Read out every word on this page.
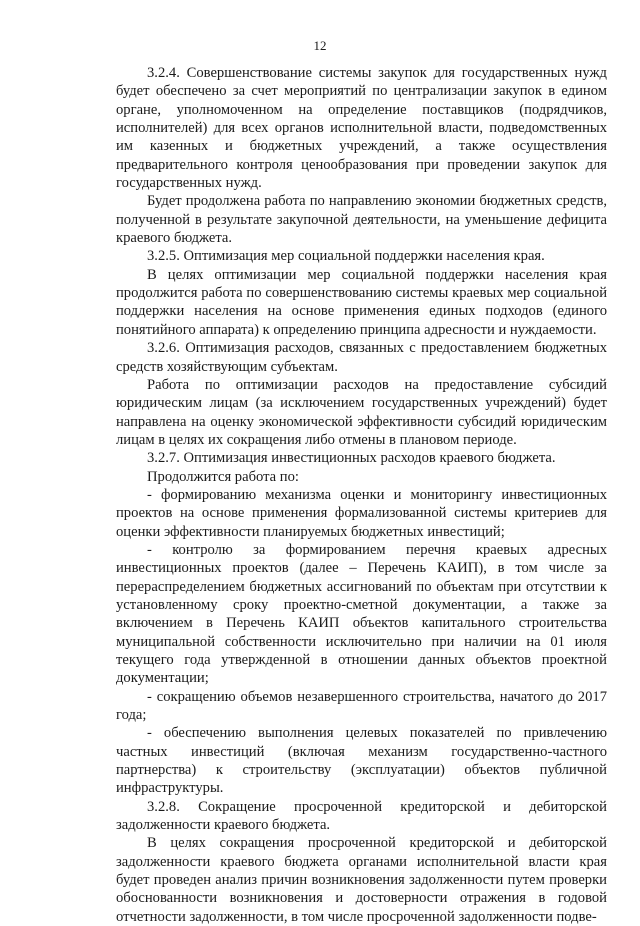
12

3.2.4. Совершенствование системы закупок для государственных нужд будет обеспечено за счет мероприятий по централизации закупок в едином органе, уполномоченном на определение поставщиков (подрядчиков, исполнителей) для всех органов исполнительной власти, подведомственных им казенных и бюджетных учреждений, а также осуществления предварительного контроля ценообразования при проведении закупок для государственных нужд.

Будет продолжена работа по направлению экономии бюджетных средств, полученной в результате закупочной деятельности, на уменьшение дефицита краевого бюджета.

3.2.5. Оптимизация мер социальной поддержки населения края.

В целях оптимизации мер социальной поддержки населения края продолжится работа по совершенствованию системы краевых мер социальной поддержки населения на основе применения единых подходов (единого понятийного аппарата) к определению принципа адресности и нуждаемости.

3.2.6. Оптимизация расходов, связанных с предоставлением бюджетных средств хозяйствующим субъектам.

Работа по оптимизации расходов на предоставление субсидий юридическим лицам (за исключением государственных учреждений) будет направлена на оценку экономической эффективности субсидий юридическим лицам в целях их сокращения либо отмены в плановом периоде.

3.2.7. Оптимизация инвестиционных расходов краевого бюджета.

Продолжится работа по:

- формированию механизма оценки и мониторингу инвестиционных проектов на основе применения формализованной системы критериев для оценки эффективности планируемых бюджетных инвестиций;

- контролю за формированием перечня краевых адресных инвестиционных проектов (далее – Перечень КАИП), в том числе за перераспределением бюджетных ассигнований по объектам при отсутствии к установленному сроку проектно-сметной документации, а также за включением в Перечень КАИП объектов капитального строительства муниципальной собственности исключительно при наличии на 01 июля текущего года утвержденной в отношении данных объектов проектной документации;

- сокращению объемов незавершенного строительства, начатого до 2017 года;

- обеспечению выполнения целевых показателей по привлечению частных инвестиций (включая механизм государственно-частного партнерства) к строительству (эксплуатации) объектов публичной инфраструктуры.

3.2.8. Сокращение просроченной кредиторской и дебиторской задолженности краевого бюджета.

В целях сокращения просроченной кредиторской и дебиторской задолженности краевого бюджета органами исполнительной власти края будет проведен анализ причин возникновения задолженности путем проверки обоснованности возникновения и достоверности отражения в годовой отчетности задолженности, в том числе просроченной задолженности подве-
